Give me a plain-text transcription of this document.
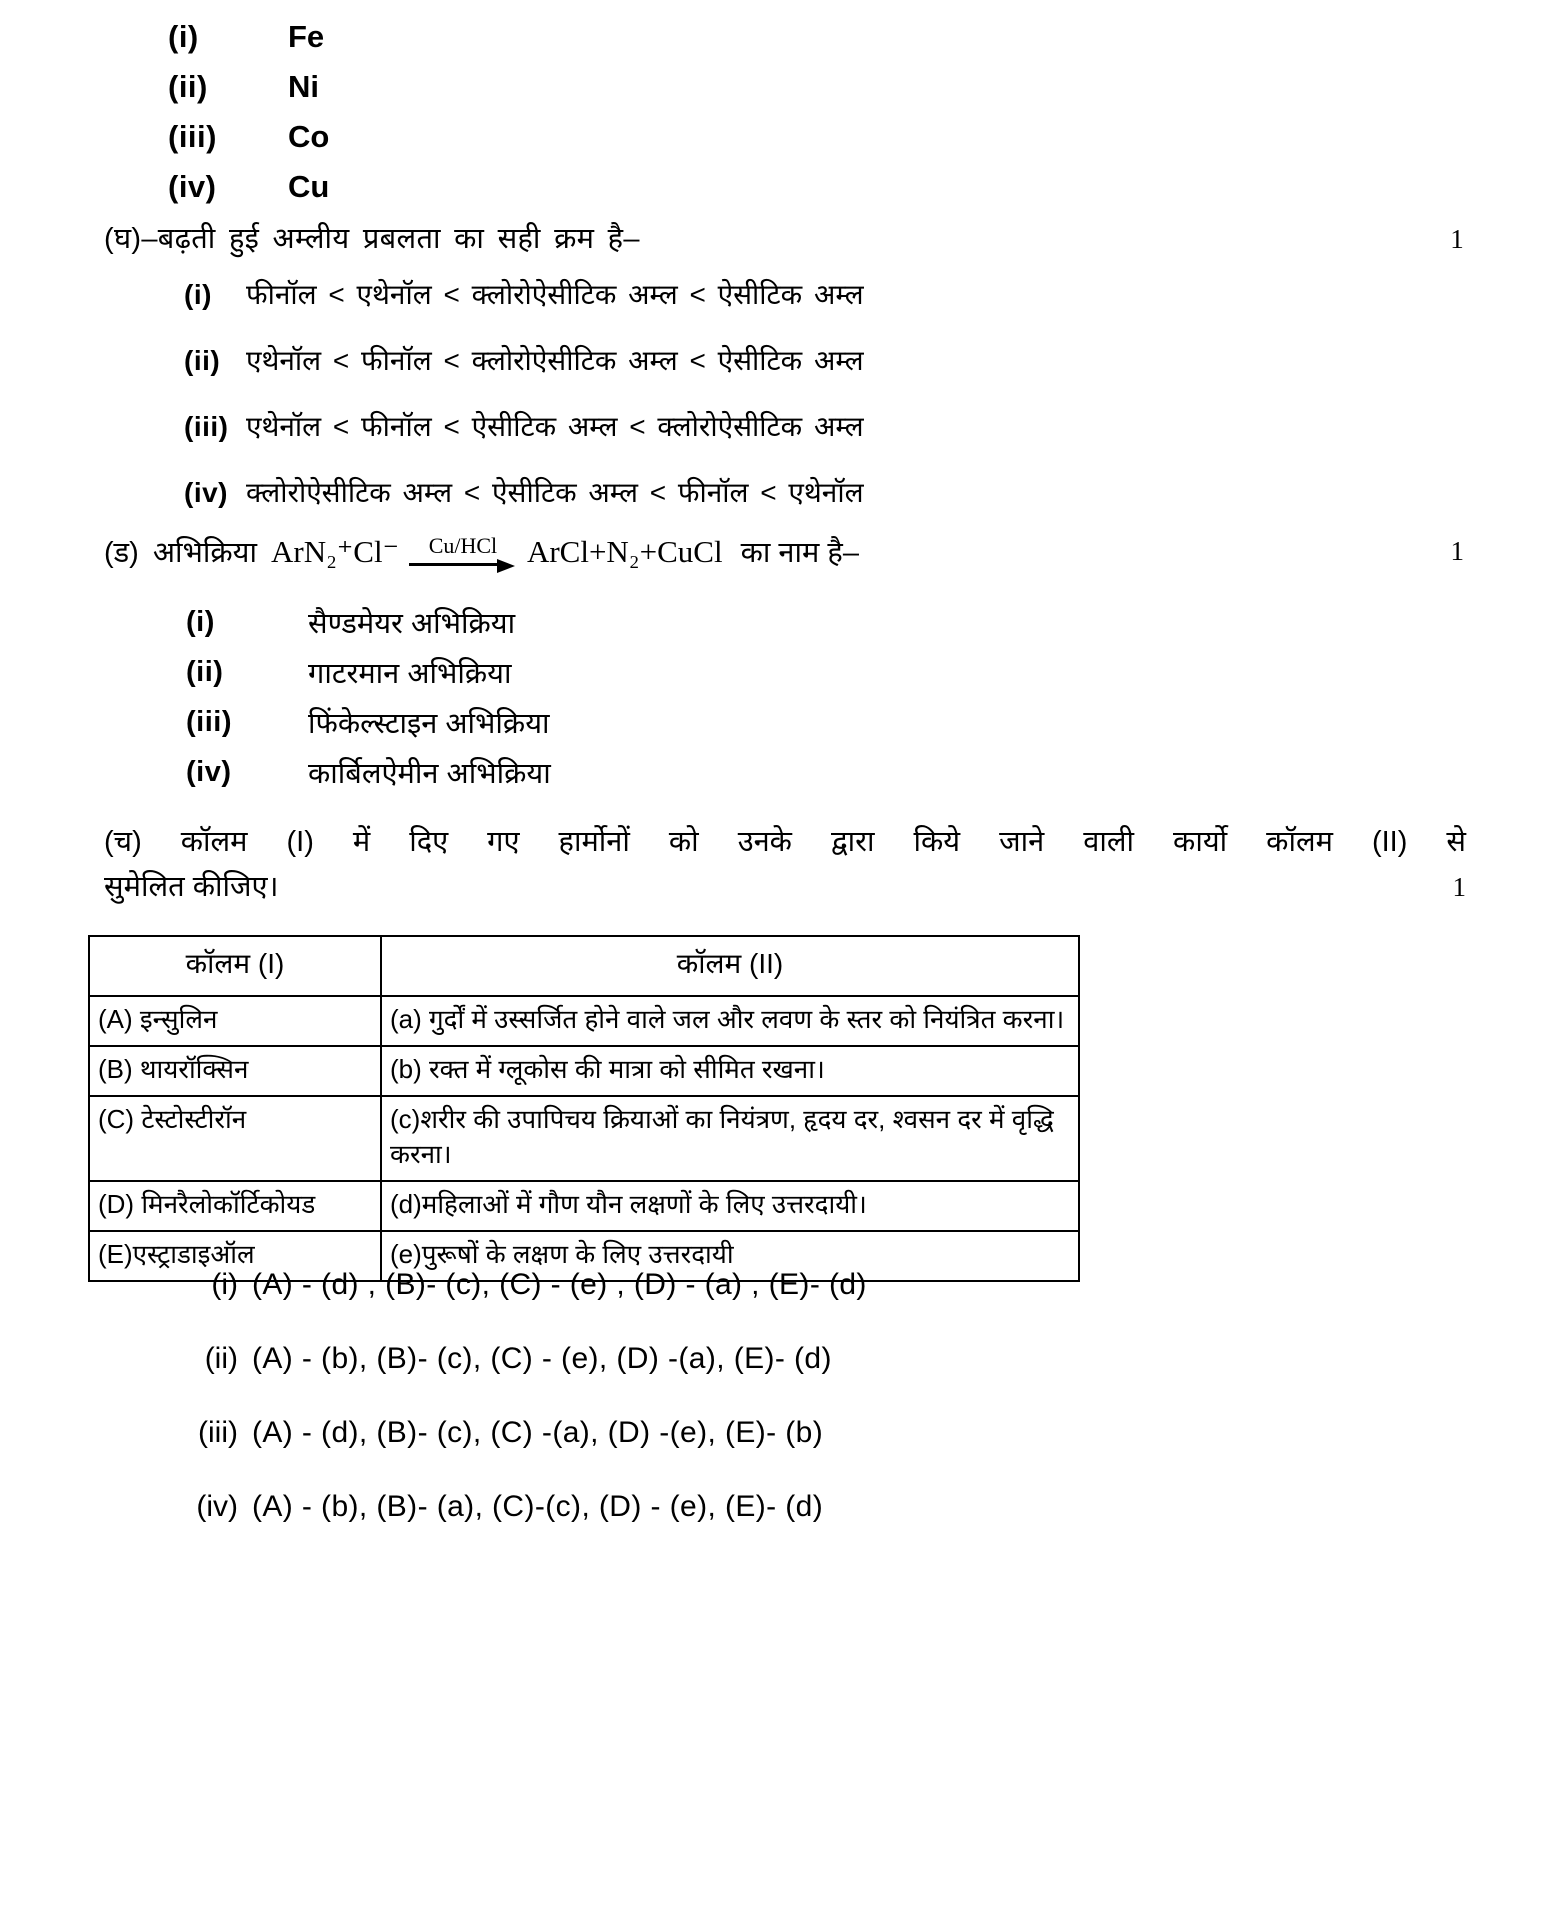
(i)	Fe
(ii)	Ni
(iii)	Co
(iv)	Cu
(घ)–बढ़ती हुई अम्लीय प्रबलता का सही क्रम है–	1
(i)	फीनॉल < एथेनॉल < क्लोरोऐसीटिक अम्ल < ऐसीटिक अम्ल
(ii) एथेनॉल < फीनॉल < क्लोरोऐसीटिक अम्ल < ऐसीटिक अम्ल
(iii) एथेनॉल < फीनॉल < ऐसीटिक अम्ल < क्लोरोऐसीटिक अम्ल
(iv) क्लोरोऐसीटिक अम्ल < ऐसीटिक अम्ल < फीनॉल < एथेनॉल
(ड) अभिक्रिया ArN₂⁺Cl⁻ Cu/HCl ArCl+N₂+CuCl का नाम है–	1
(i)	सैण्डमेयर अभिक्रिया
(ii)	गाटरमान अभिक्रिया
(iii)	फिंकेल्स्टाइन अभिक्रिया
(iv)	कार्बिलऐमीन अभिक्रिया
(च) कॉलम (I) में दिए गए हार्मोनों को उनके द्वारा किये जाने वाली कार्यो कॉलम (II) से
सुमेलित कीजिए।	1
कॉलम (I)	कॉलम (II)
(A) इन्सुलिन	(a) गुर्दों में उस्सर्जित होने वाले जल और लवण के स्तर को नियंत्रित करना।
(B) थायरॉक्सिन	(b) रक्त में ग्लूकोस की मात्रा को सीमित रखना।
(C) टेस्टोस्टीरॉन	(c)शरीर की उपापिचय क्रियाओं का नियंत्रण, हृदय दर, श्वसन दर में वृद्धि करना।
(D) मिनरैलोकॉर्टिकोयड	(d)महिलाओं में गौण यौन लक्षणों के लिए उत्तरदायी।
(E)एस्ट्राडाइऑल	(e)पुरूषों के लक्षण के लिए उत्तरदायी
(i) (A) - (d) , (B)- (c), (C) - (e) , (D) - (a) , (E)- (d)
(ii) (A) - (b), (B)- (c), (C) - (e), (D) -(a), (E)- (d)
(iii) (A) - (d), (B)- (c), (C) -(a), (D) -(e), (E)- (b)
(iv) (A) - (b), (B)- (a), (C)-(c), (D) - (e), (E)- (d)
